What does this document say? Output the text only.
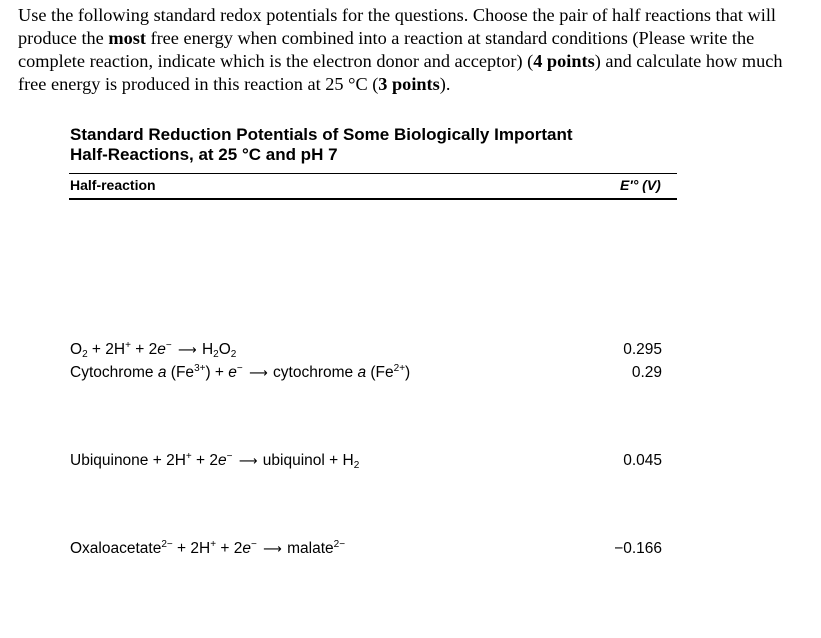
Use the following standard redox potentials for the questions. Choose the pair of half reactions that will produce the most free energy when combined into a reaction at standard conditions (Please write the complete reaction, indicate which is the electron donor and acceptor) (4 points) and calculate how much free energy is produced in this reaction at 25 °C (3 points).

Standard Reduction Potentials of Some Biologically Important
Half-Reactions, at 25 °C and pH 7
Half-reaction	E′° (V)
$O_2 + 2H^+ + 2e^-$ ⟶ $H_2O_2$	0.295
Cytochrome a $(Fe^{3+}) + e^-$ ⟶ cytochrome a $(Fe^{2+})$	0.29
Ubiquinone + 2H+ + 2e− ⟶ ubiquinol + $H_2$	0.045
Oxaloacetate$^{2-}$ + 2H+ + 2e− ⟶ malate$^{2-}$	−0.166
